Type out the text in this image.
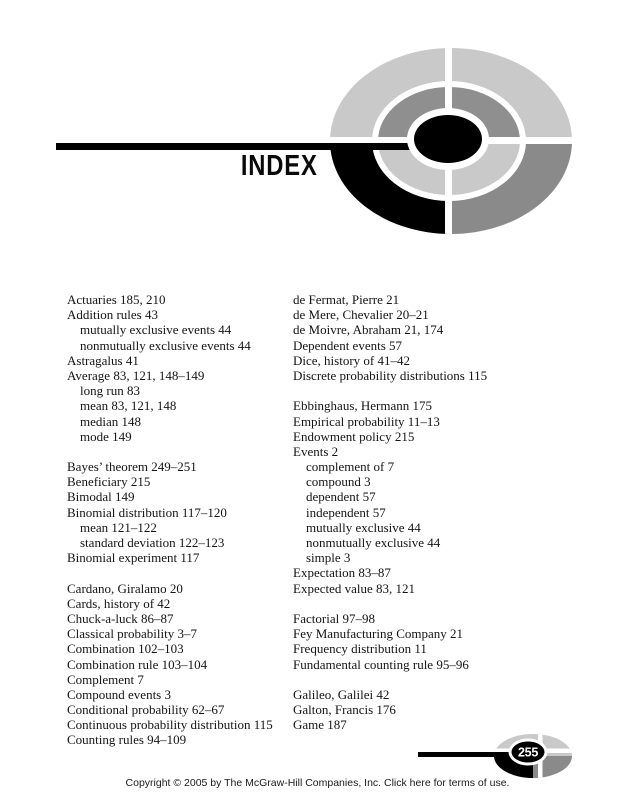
INDEX
Actuaries 185, 210
Addition rules 43
mutually exclusive events 44
nonmutually exclusive events 44
Astragalus 41
Average 83, 121, 148–149
long run 83
mean 83, 121, 148
median 148
mode 149

Bayes’ theorem 249–251
Beneficiary 215
Bimodal 149
Binomial distribution 117–120
mean 121–122
standard deviation 122–123
Binomial experiment 117

Cardano, Giralamo 20
Cards, history of 42
Chuck-a-luck 86–87
Classical probability 3–7
Combination 102–103
Combination rule 103–104
Complement 7
Compound events 3
Conditional probability 62–67
Continuous probability distribution 115
Counting rules 94–109
de Fermat, Pierre 21
de Mere, Chevalier 20–21
de Moivre, Abraham 21, 174
Dependent events 57
Dice, history of 41–42
Discrete probability distributions 115

Ebbinghaus, Hermann 175
Empirical probability 11–13
Endowment policy 215
Events 2
complement of 7
compound 3
dependent 57
independent 57
mutually exclusive 44
nonmutually exclusive 44
simple 3
Expectation 83–87
Expected value 83, 121

Factorial 97–98
Fey Manufacturing Company 21
Frequency distribution 11
Fundamental counting rule 95–96

Galileo, Galilei 42
Galton, Francis 176
Game 187
255
Copyright © 2005 by The McGraw-Hill Companies, Inc. Click here for terms of use.
